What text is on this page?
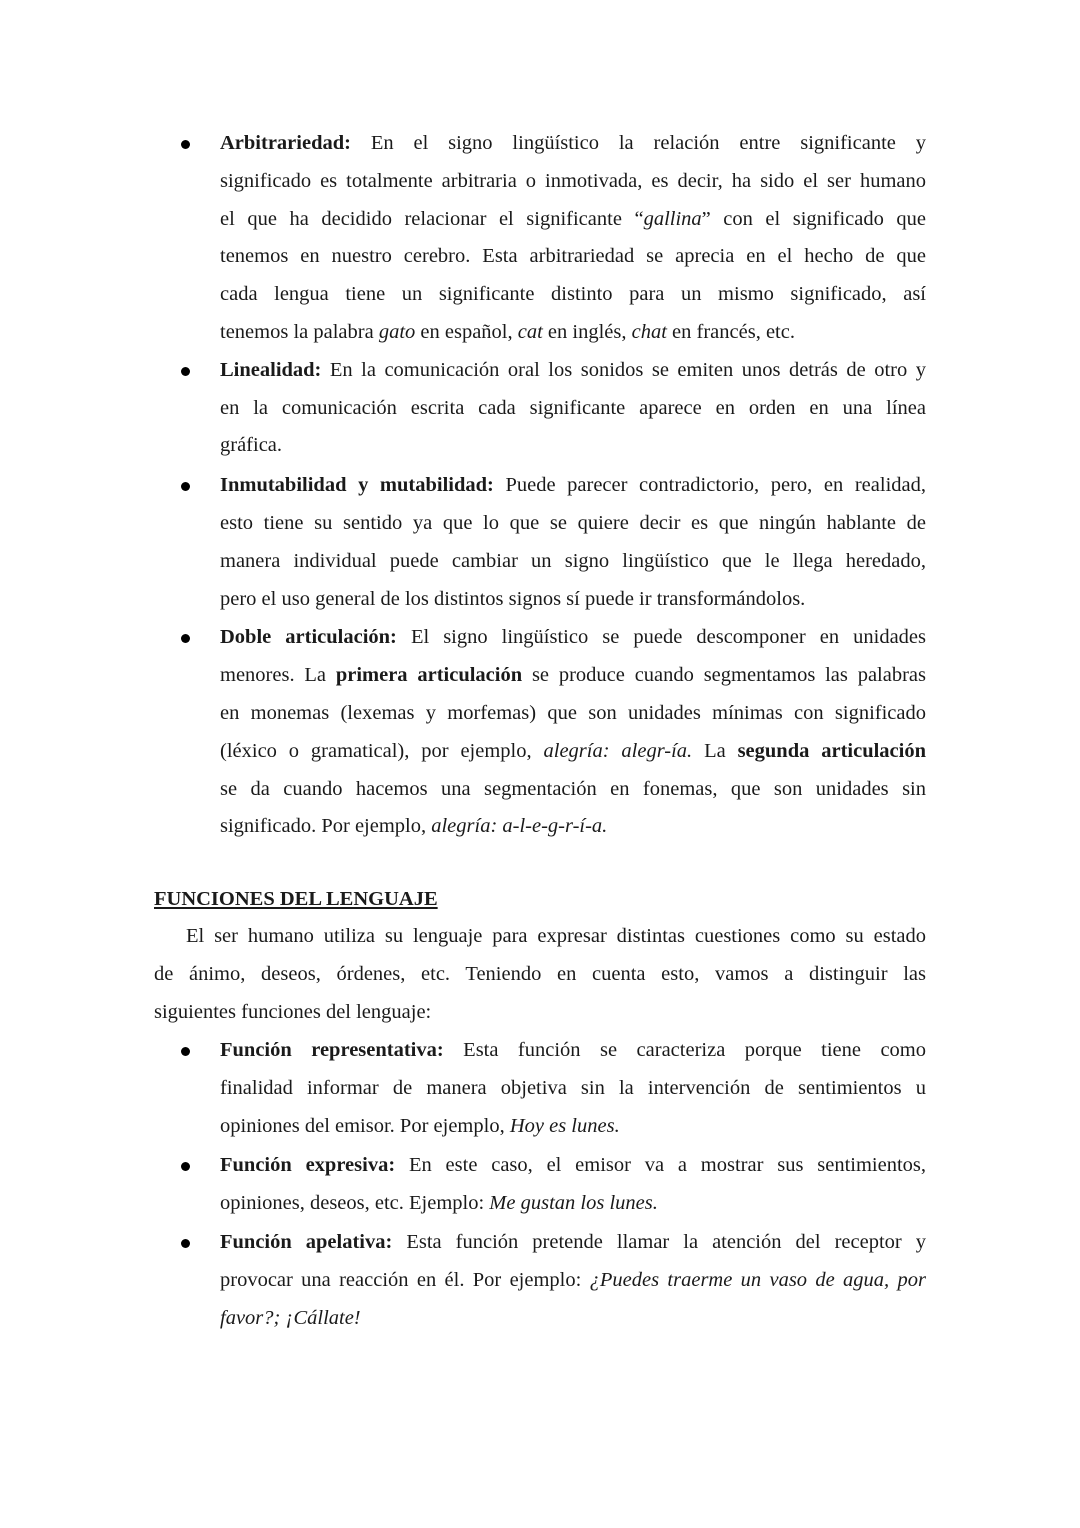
Arbitrariedad: En el signo lingüístico la relación entre significante y
significado es totalmente arbitraria o inmotivada, es decir, ha sido el ser humano
el que ha decidido relacionar el significante “gallina” con el significado que
tenemos en nuestro cerebro. Esta arbitrariedad se aprecia en el hecho de que
cada lengua tiene un significante distinto para un mismo significado, así
tenemos la palabra gato en español, cat en inglés, chat en francés, etc.
Linealidad: En la comunicación oral los sonidos se emiten unos detrás de otro y
en la comunicación escrita cada significante aparece en orden en una línea
gráfica.
Inmutabilidad y mutabilidad: Puede parecer contradictorio, pero, en realidad,
esto tiene su sentido ya que lo que se quiere decir es que ningún hablante de
manera individual puede cambiar un signo lingüístico que le llega heredado,
pero el uso general de los distintos signos sí puede ir transformándolos.
Doble articulación: El signo lingüístico se puede descomponer en unidades
menores. La primera articulación se produce cuando segmentamos las palabras
en monemas (lexemas y morfemas) que son unidades mínimas con significado
(léxico o gramatical), por ejemplo, alegría: alegr-ía. La segunda articulación
se da cuando hacemos una segmentación en fonemas, que son unidades sin
significado. Por ejemplo, alegría: a-l-e-g-r-í-a.
FUNCIONES DEL LENGUAJE
El ser humano utiliza su lenguaje para expresar distintas cuestiones como su estado
de ánimo, deseos, órdenes, etc. Teniendo en cuenta esto, vamos a distinguir las
siguientes funciones del lenguaje:
Función representativa: Esta función se caracteriza porque tiene como
finalidad informar de manera objetiva sin la intervención de sentimientos u
opiniones del emisor. Por ejemplo, Hoy es lunes.
Función expresiva: En este caso, el emisor va a mostrar sus sentimientos,
opiniones, deseos, etc. Ejemplo: Me gustan los lunes.
Función apelativa: Esta función pretende llamar la atención del receptor y
provocar una reacción en él. Por ejemplo: ¿Puedes traerme un vaso de agua, por
favor?; ¡Cállate!
